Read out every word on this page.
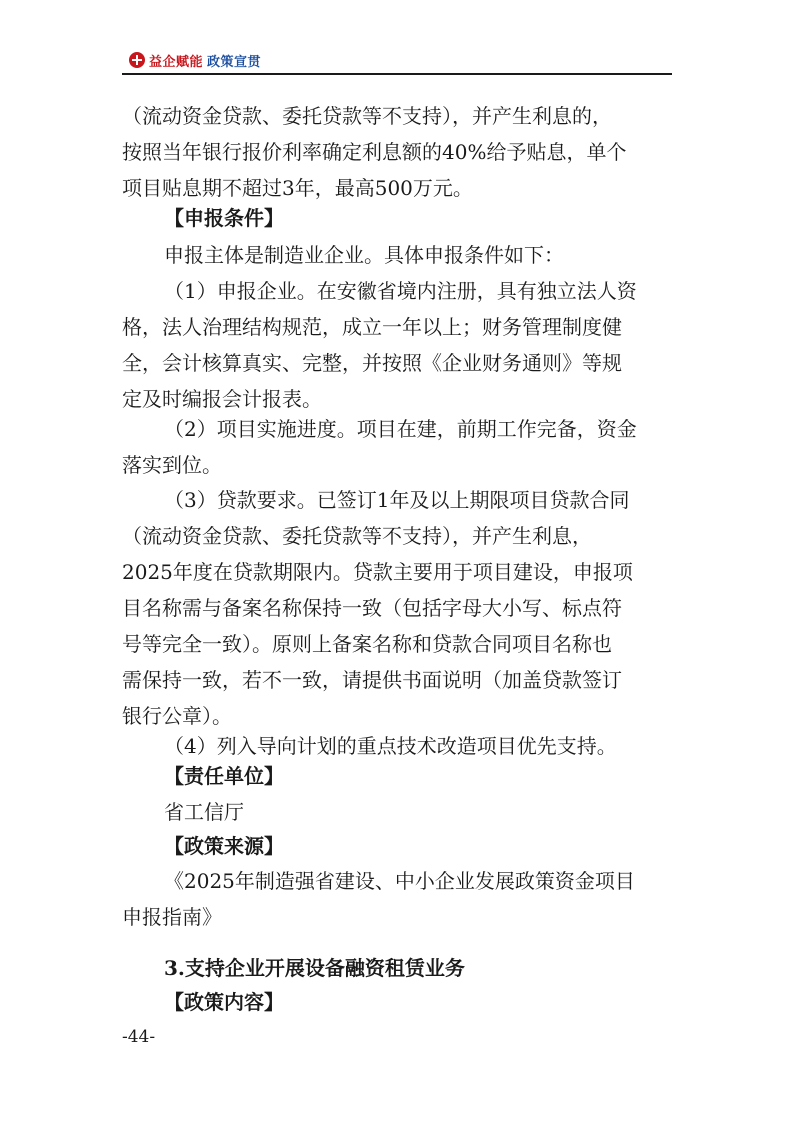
益企赋能 政策宣贯
（流动资金贷款、委托贷款等不支持），并产生利息的，
按照当年银行报价利率确定利息额的40%给予贴息，单个
项目贴息期不超过3年，最高500万元。
【申报条件】
申报主体是制造业企业。具体申报条件如下：
（1）申报企业。在安徽省境内注册，具有独立法人资
格，法人治理结构规范，成立一年以上；财务管理制度健
全，会计核算真实、完整，并按照《企业财务通则》等规
定及时编报会计报表。
（2）项目实施进度。项目在建，前期工作完备，资金
落实到位。
（3）贷款要求。已签订1年及以上期限项目贷款合同
（流动资金贷款、委托贷款等不支持），并产生利息，
2025年度在贷款期限内。贷款主要用于项目建设，申报项
目名称需与备案名称保持一致（包括字母大小写、标点符
号等完全一致）。原则上备案名称和贷款合同项目名称也
需保持一致，若不一致，请提供书面说明（加盖贷款签订
银行公章）。
（4）列入导向计划的重点技术改造项目优先支持。
【责任单位】
省工信厅
【政策来源】
《2025年制造强省建设、中小企业发展政策资金项目
申报指南》
3.支持企业开展设备融资租赁业务
【政策内容】
-44-
